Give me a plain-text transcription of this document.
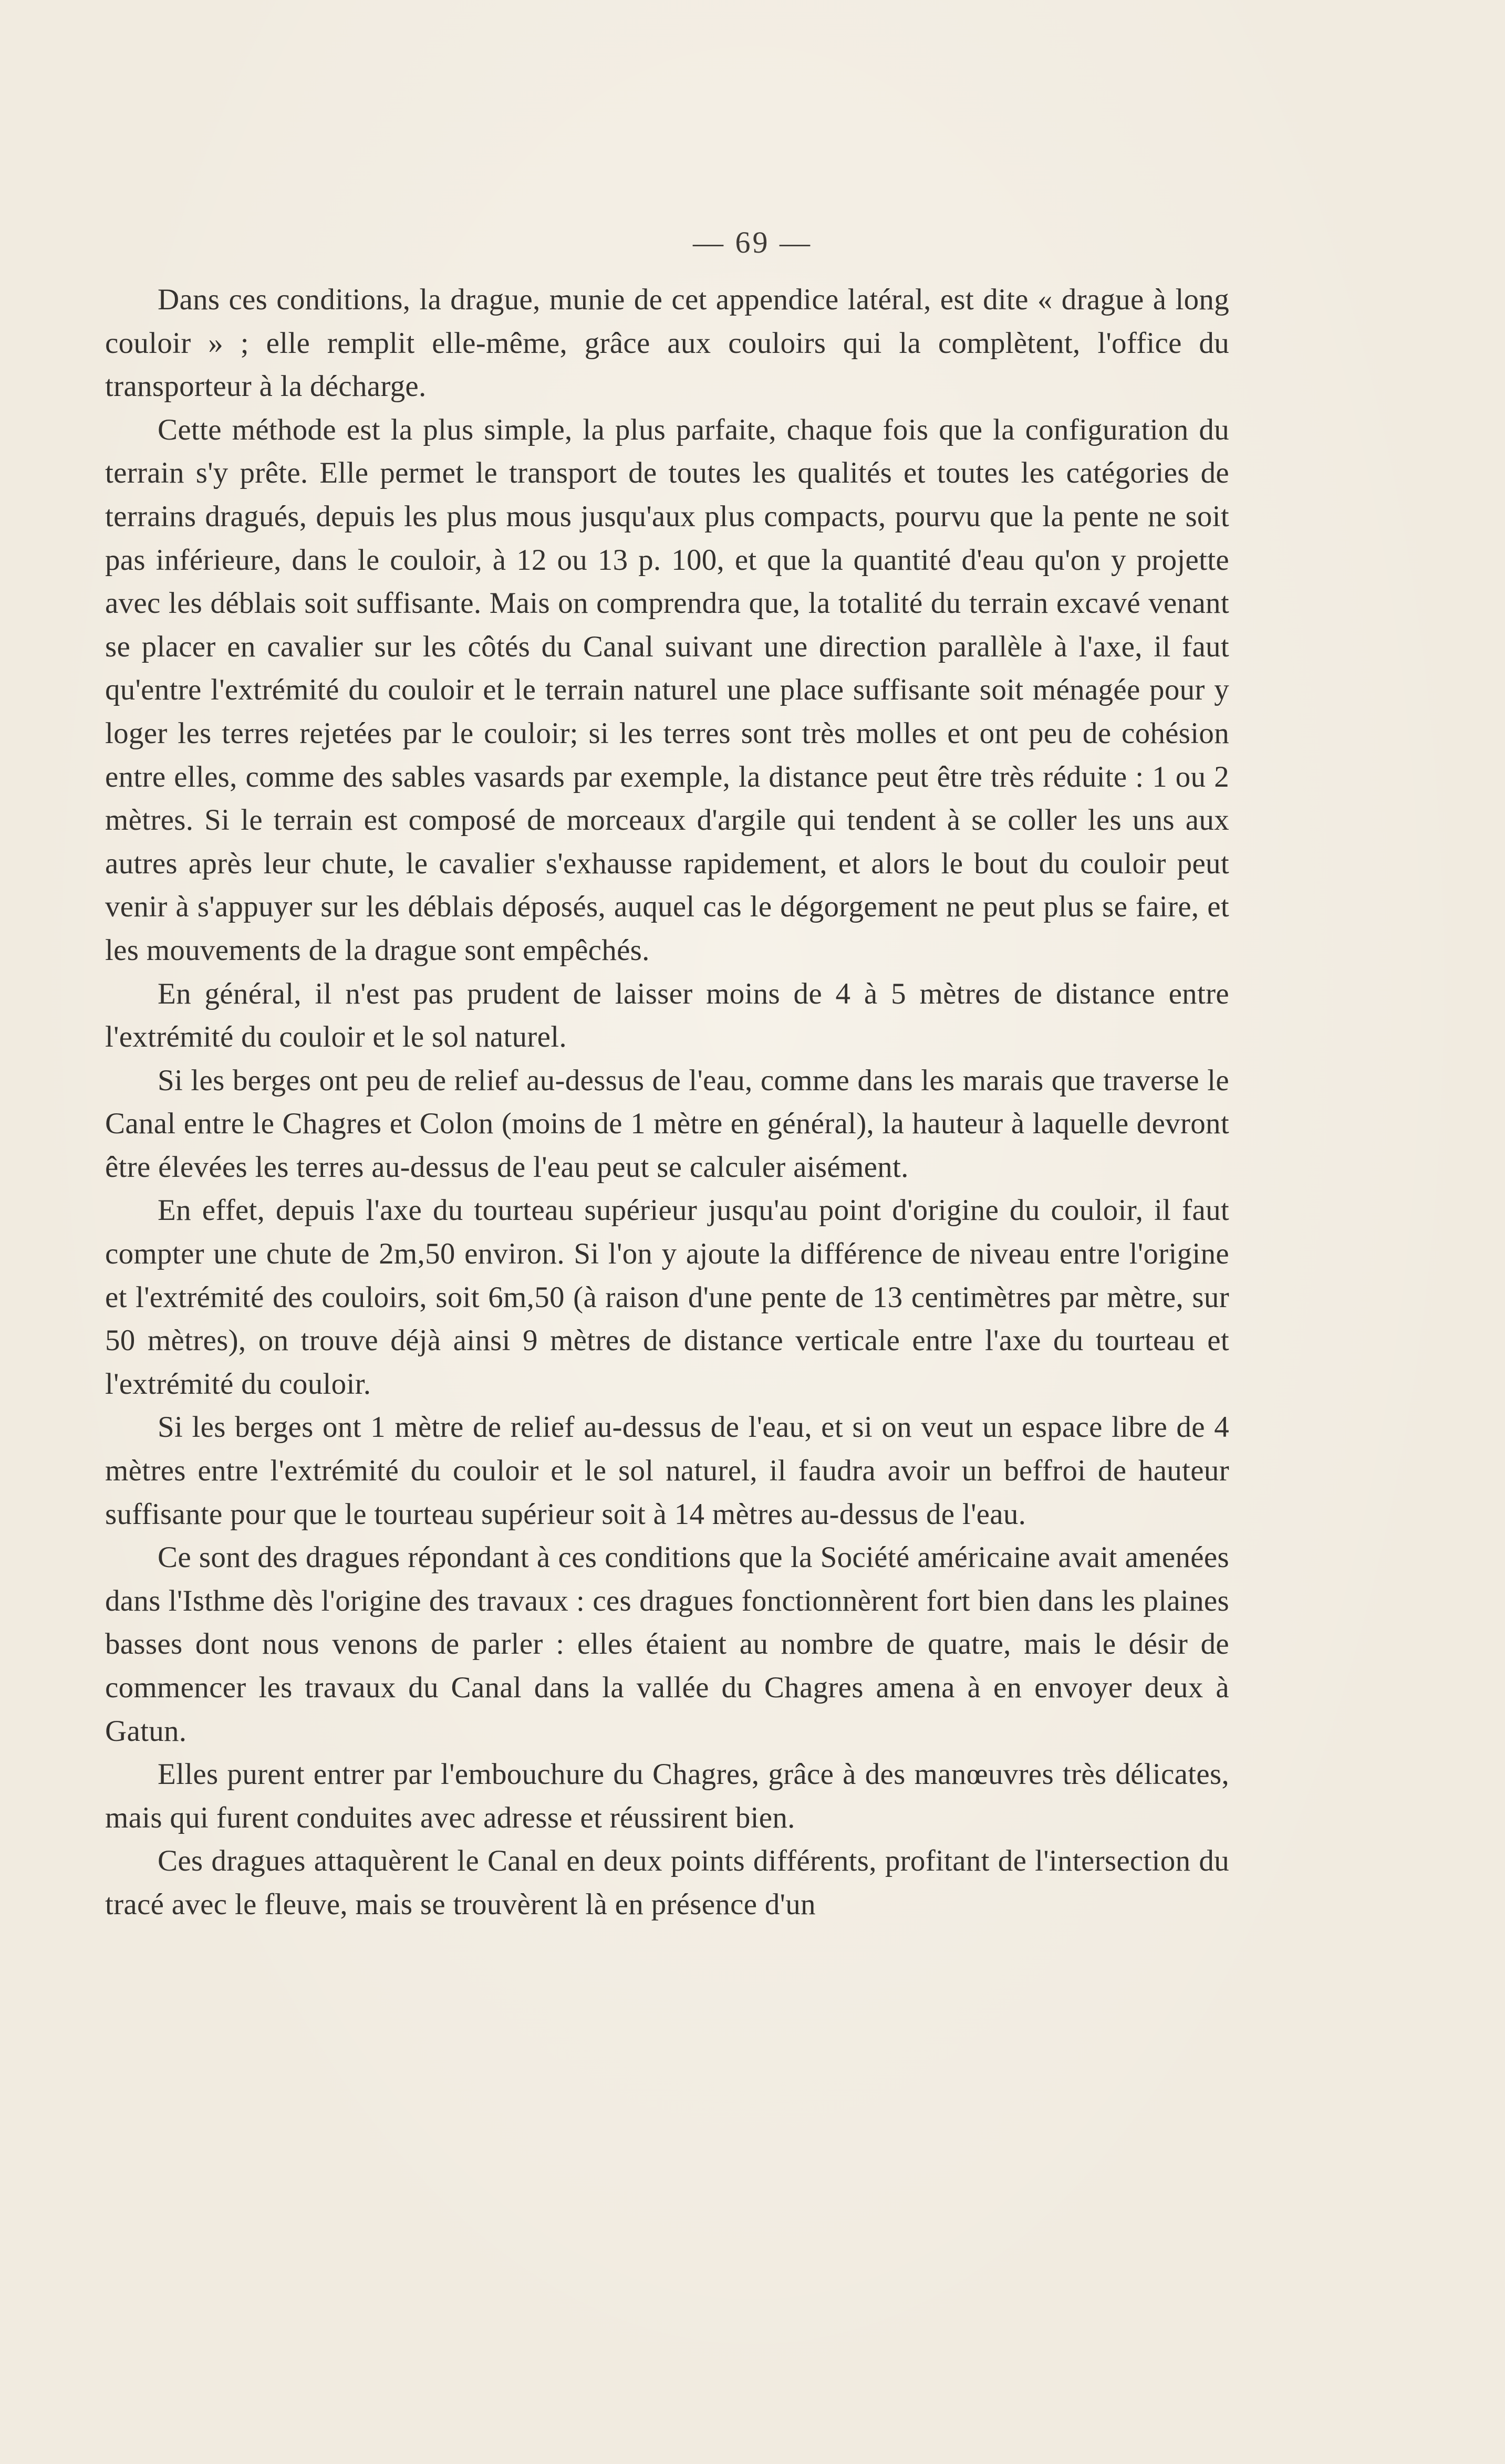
— 69 —

Dans ces conditions, la drague, munie de cet appendice latéral, est dite « drague à long couloir » ; elle remplit elle-même, grâce aux couloirs qui la complètent, l'office du transporteur à la décharge.

Cette méthode est la plus simple, la plus parfaite, chaque fois que la configuration du terrain s'y prête. Elle permet le transport de toutes les qualités et toutes les catégories de terrains dragués, depuis les plus mous jusqu'aux plus compacts, pourvu que la pente ne soit pas inférieure, dans le couloir, à 12 ou 13 p. 100, et que la quantité d'eau qu'on y projette avec les déblais soit suffisante. Mais on comprendra que, la totalité du terrain excavé venant se placer en cavalier sur les côtés du Canal suivant une direction parallèle à l'axe, il faut qu'entre l'extrémité du couloir et le terrain naturel une place suffisante soit ménagée pour y loger les terres rejetées par le couloir; si les terres sont très molles et ont peu de cohésion entre elles, comme des sables vasards par exemple, la distance peut être très réduite : 1 ou 2 mètres. Si le terrain est composé de morceaux d'argile qui tendent à se coller les uns aux autres après leur chute, le cavalier s'exhausse rapidement, et alors le bout du couloir peut venir à s'appuyer sur les déblais déposés, auquel cas le dégorgement ne peut plus se faire, et les mouvements de la drague sont empêchés.

En général, il n'est pas prudent de laisser moins de 4 à 5 mètres de distance entre l'extrémité du couloir et le sol naturel.

Si les berges ont peu de relief au-dessus de l'eau, comme dans les marais que traverse le Canal entre le Chagres et Colon (moins de 1 mètre en général), la hauteur à laquelle devront être élevées les terres au-dessus de l'eau peut se calculer aisément.

En effet, depuis l'axe du tourteau supérieur jusqu'au point d'origine du couloir, il faut compter une chute de 2m,50 environ. Si l'on y ajoute la différence de niveau entre l'origine et l'extrémité des couloirs, soit 6m,50 (à raison d'une pente de 13 centimètres par mètre, sur 50 mètres), on trouve déjà ainsi 9 mètres de distance verticale entre l'axe du tourteau et l'extrémité du couloir.

Si les berges ont 1 mètre de relief au-dessus de l'eau, et si on veut un espace libre de 4 mètres entre l'extrémité du couloir et le sol naturel, il faudra avoir un beffroi de hauteur suffisante pour que le tourteau supérieur soit à 14 mètres au-dessus de l'eau.

Ce sont des dragues répondant à ces conditions que la Société américaine avait amenées dans l'Isthme dès l'origine des travaux : ces dragues fonctionnèrent fort bien dans les plaines basses dont nous venons de parler : elles étaient au nombre de quatre, mais le désir de commencer les travaux du Canal dans la vallée du Chagres amena à en envoyer deux à Gatun.

Elles purent entrer par l'embouchure du Chagres, grâce à des manœuvres très délicates, mais qui furent conduites avec adresse et réussirent bien.

Ces dragues attaquèrent le Canal en deux points différents, profitant de l'intersection du tracé avec le fleuve, mais se trouvèrent là en présence d'un
